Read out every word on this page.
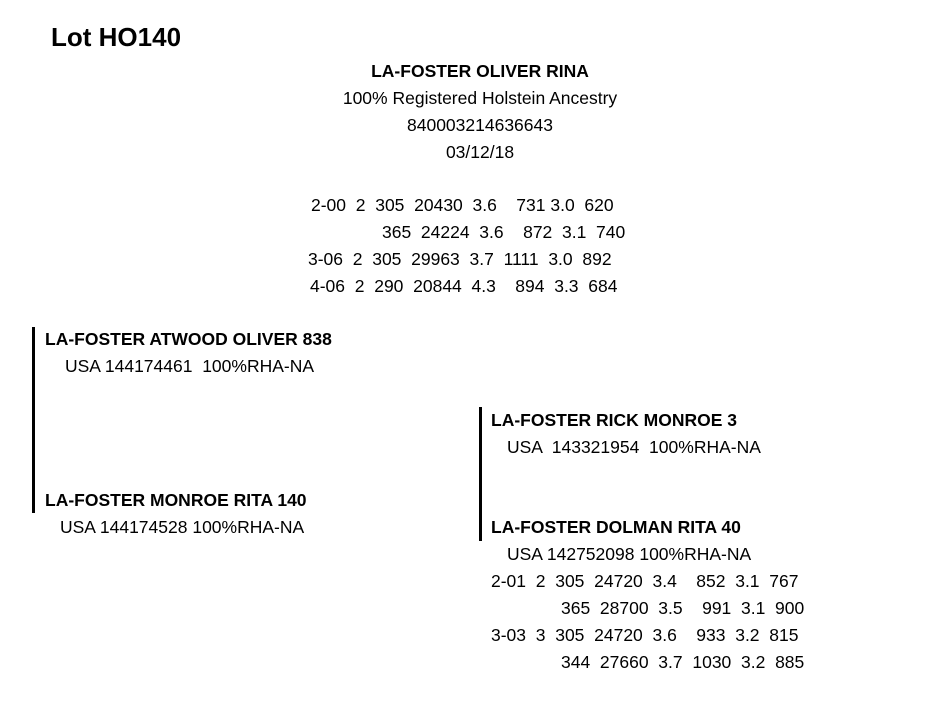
Lot HO140
LA-FOSTER OLIVER RINA
100% Registered Holstein Ancestry
840003214636643
03/12/18
2-00  2  305  20430  3.6    731 3.0  620
365  24224  3.6    872  3.1  740
3-06  2  305  29963  3.7  1111  3.0  892
4-06  2  290  20844  4.3    894  3.3  684
LA-FOSTER ATWOOD OLIVER 838
USA 144174461  100%RHA-NA
LA-FOSTER MONROE RITA 140
USA 144174528 100%RHA-NA
LA-FOSTER RICK MONROE 3
USA  143321954  100%RHA-NA
LA-FOSTER DOLMAN RITA 40
USA 142752098 100%RHA-NA
2-01  2  305  24720  3.4    852  3.1  767
365  28700  3.5    991  3.1  900
3-03  3  305  24720  3.6    933  3.2  815
344  27660  3.7  1030  3.2  885
